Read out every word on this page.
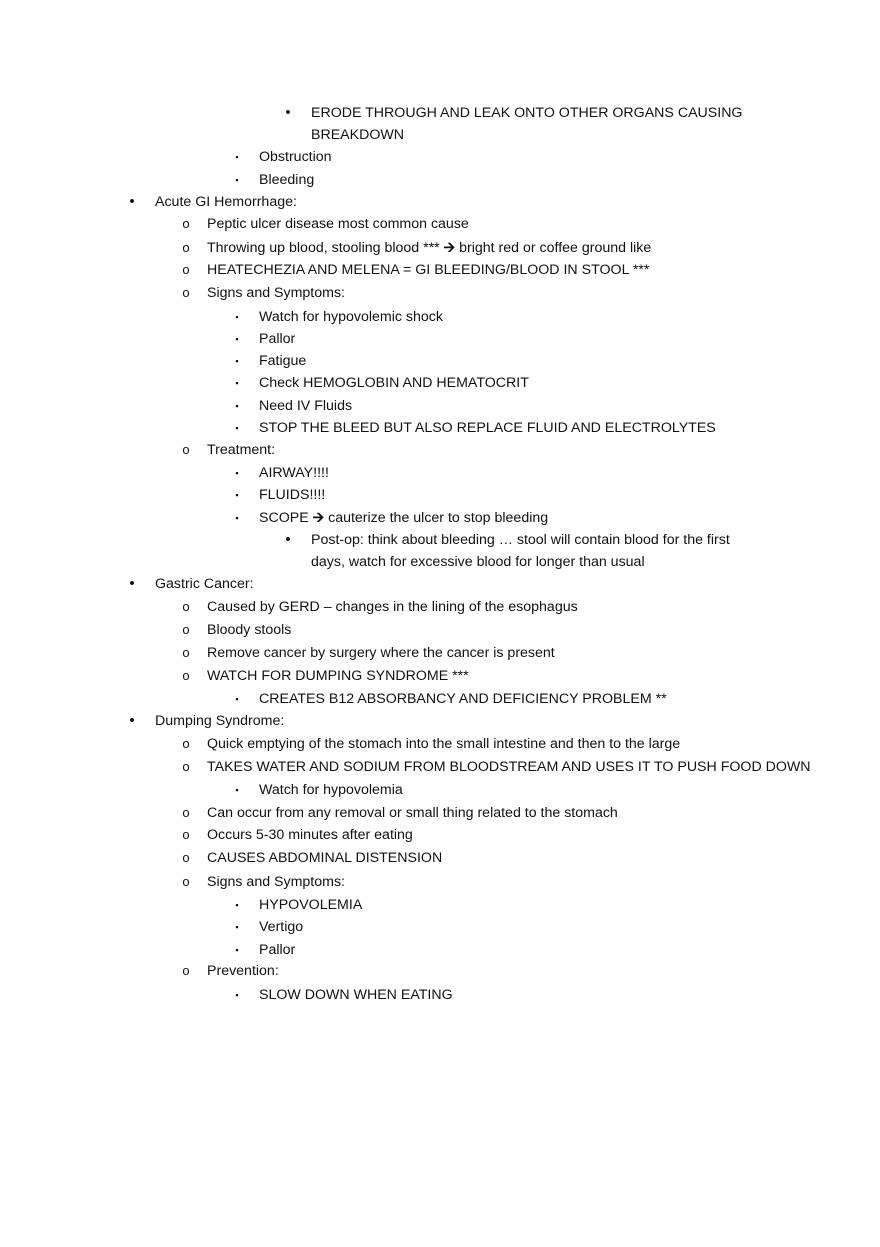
•	ERODE THROUGH AND LEAK ONTO OTHER ORGANS CAUSING
BREAKDOWN
▪	Obstruction
▪	Bleeding
•	Acute GI Hemorrhage:
o Peptic ulcer disease most common cause
o Throwing up blood, stooling blood *** 🡪 bright red or coffee ground like
o HEATECHEZIA AND MELENA = GI BLEEDING/BLOOD IN STOOL ***
o Signs and Symptoms:
▪	Watch for hypovolemic shock
▪	Pallor
▪	Fatigue
▪	Check HEMOGLOBIN AND HEMATOCRIT
▪	Need IV Fluids
▪	STOP THE BLEED BUT ALSO REPLACE FLUID AND ELECTROLYTES
o Treatment:
▪	AIRWAY!!!!
▪	FLUIDS!!!!
▪	SCOPE 🡪 cauterize the ulcer to stop bleeding
•	Post-op: think about bleeding … stool will contain blood for the first
days, watch for excessive blood for longer than usual
•	Gastric Cancer:
o Caused by GERD – changes in the lining of the esophagus
o Bloody stools
o Remove cancer by surgery where the cancer is present
o WATCH FOR DUMPING SYNDROME ***
▪	CREATES B12 ABSORBANCY AND DEFICIENCY PROBLEM **
•	Dumping Syndrome:
o Quick emptying of the stomach into the small intestine and then to the large
o TAKES WATER AND SODIUM FROM BLOODSTREAM AND USES IT TO PUSH FOOD DOWN
▪	Watch for hypovolemia
o Can occur from any removal or small thing related to the stomach
o Occurs 5-30 minutes after eating
o CAUSES ABDOMINAL DISTENSION
o Signs and Symptoms:
▪	HYPOVOLEMIA
▪	Vertigo
▪	Pallor
o Prevention:
▪	SLOW DOWN WHEN EATING
